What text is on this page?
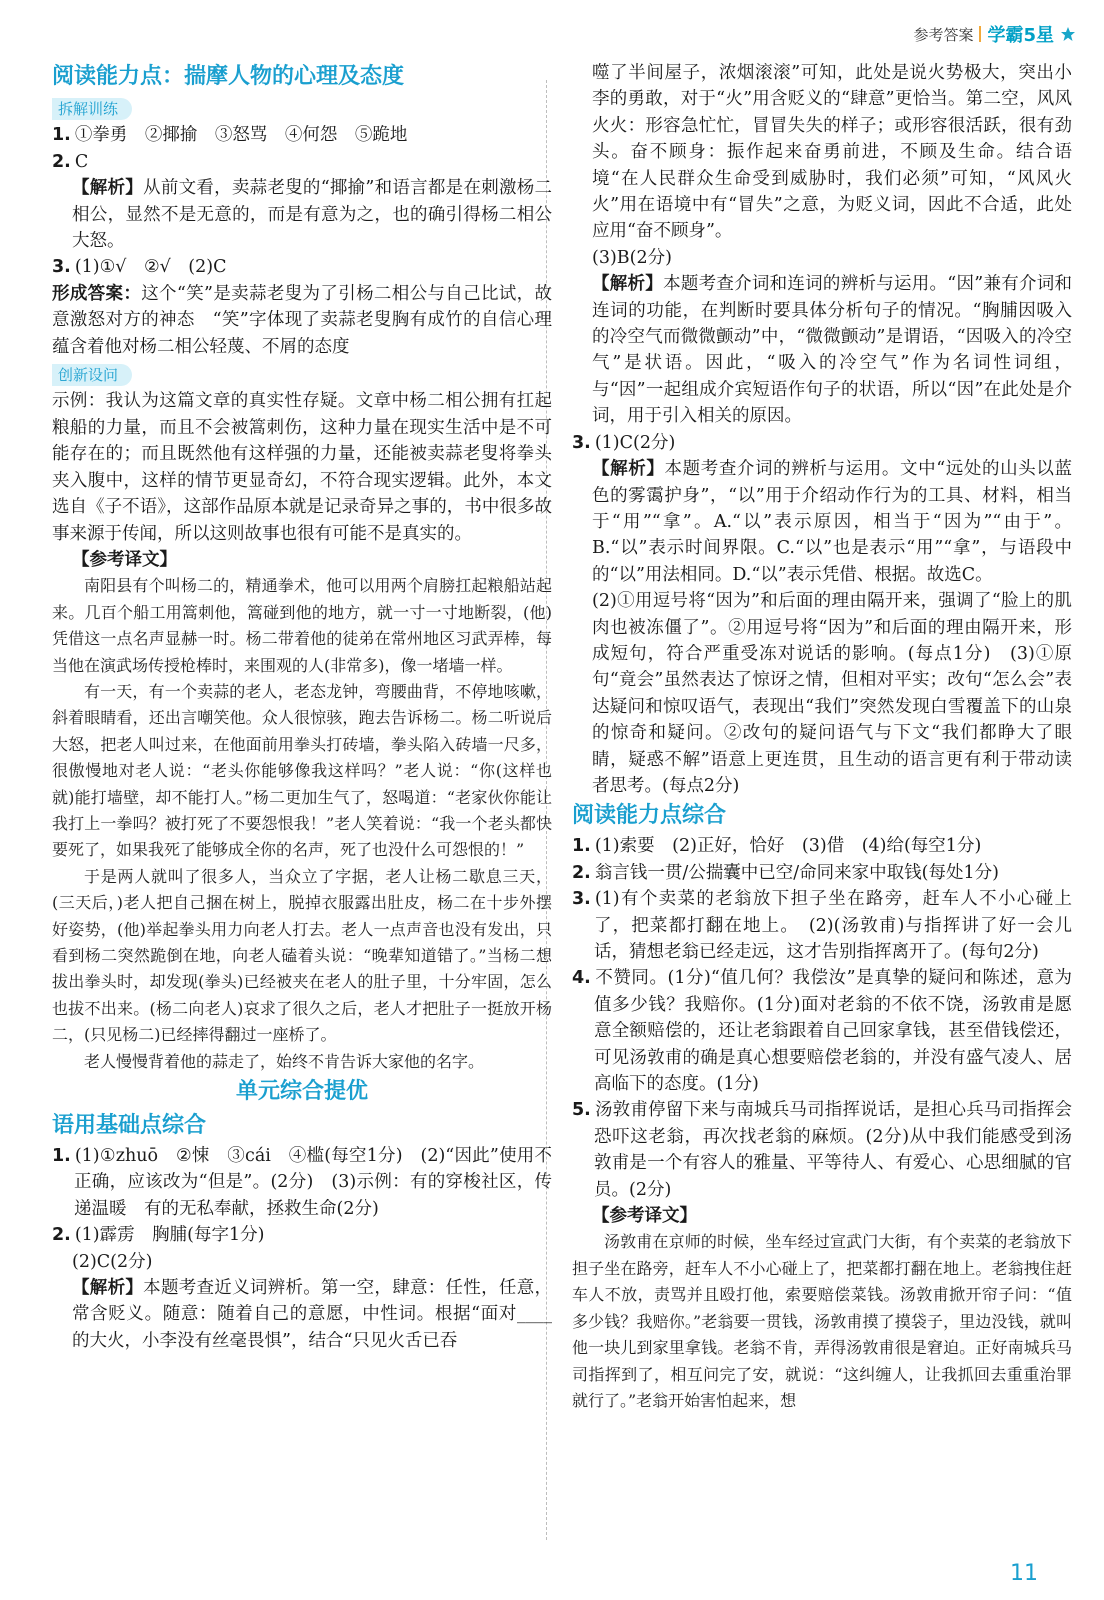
参考答案 学霸5星
阅读能力点：揣摩人物的心理及态度
拆解训练

1. ①拳勇　②揶揄　③怒骂　④何怨　⑤跪地

2. C

【解析】从前文看，卖蒜老叟的“揶揄”和语言都是在刺激杨二相公，显然不是无意的，而是有意为之，也的确引得杨二相公大怒。

3. (1)①√　②√　(2)C

形成答案：这个“笑”是卖蒜老叟为了引杨二相公与自己比试，故意激怒对方的神态　“笑”字体现了卖蒜老叟胸有成竹的自信心理　蕴含着他对杨二相公轻蔑、不屑的态度

创新设问

示例：我认为这篇文章的真实性存疑。文章中杨二相公拥有扛起粮船的力量，而且不会被篙刺伤，这种力量在现实生活中是不可能存在的；而且既然他有这样强的力量，还能被卖蒜老叟将拳头夹入腹中，这样的情节更显奇幻，不符合现实逻辑。此外，本文选自《子不语》，这部作品原本就是记录奇异之事的，书中很多故事来源于传闻，所以这则故事也很有可能不是真实的。

【参考译文】

南阳县有个叫杨二的，精通拳术，他可以用两个肩膀扛起粮船站起来。几百个船工用篙刺他，篙碰到他的地方，就一寸一寸地断裂，(他)凭借这一点名声显赫一时。杨二带着他的徒弟在常州地区习武弄棒，每当他在演武场传授枪棒时，来围观的人(非常多)，像一堵墙一样。

有一天，有一个卖蒜的老人，老态龙钟，弯腰曲背，不停地咳嗽，斜着眼睛看，还出言嘲笑他。众人很惊骇，跑去告诉杨二。杨二听说后大怒，把老人叫过来，在他面前用拳头打砖墙，拳头陷入砖墙一尺多，很傲慢地对老人说：“老头你能够像我这样吗？”老人说：“你(这样也就)能打墙壁，却不能打人。”杨二更加生气了，怒喝道：“老家伙你能让我打上一拳吗？被打死了不要怨恨我！”老人笑着说：“我一个老头都快要死了，如果我死了能够成全你的名声，死了也没什么可怨恨的！”

于是两人就叫了很多人，当众立了字据，老人让杨二歇息三天，(三天后，)老人把自己捆在树上，脱掉衣服露出肚皮，杨二在十步外摆好姿势，(他)举起拳头用力向老人打去。老人一点声音也没有发出，只看到杨二突然跪倒在地，向老人磕着头说：“晚辈知道错了。”当杨二想拔出拳头时，却发现(拳头)已经被夹在老人的肚子里，十分牢固，怎么也拔不出来。(杨二向老人)哀求了很久之后，老人才把肚子一挺放开杨二，(只见杨二)已经摔得翻过一座桥了。

老人慢慢背着他的蒜走了，始终不肯告诉大家他的名字。

单元综合提优
语用基础点综合

1. (1)①zhuō　②悚　③cái　④槛(每空1分)　(2)“因此”使用不正确，应该改为“但是”。(2分)　(3)示例：有的穿梭社区，传递温暖　有的无私奉献，拯救生命(2分)

2. (1)霹雳　胸脯(每字1分)

(2)C(2分)

【解析】本题考查近义词辨析。第一空，肆意：任性，任意，常含贬义。随意：随着自己的意愿，中性词。根据“面对____的大火，小李没有丝毫畏惧”，结合“只见火舌已吞

噬了半间屋子，浓烟滚滚”可知，此处是说火势极大，突出小李的勇敢，对于“火”用含贬义的“肆意”更恰当。第二空，风风火火：形容急忙忙，冒冒失失的样子；或形容很活跃，很有劲头。奋不顾身：振作起来奋勇前进，不顾及生命。结合语境“在人民群众生命受到威胁时，我们必须”可知，“风风火火”用在语境中有“冒失”之意，为贬义词，因此不合适，此处应用“奋不顾身”。

(3)B(2分)

【解析】本题考查介词和连词的辨析与运用。“因”兼有介词和连词的功能，在判断时要具体分析句子的情况。“胸脯因吸入的冷空气而微微颤动”中，“微微颤动”是谓语，“因吸入的冷空气”是状语。因此，“吸入的冷空气”作为名词性词组，与“因”一起组成介宾短语作句子的状语，所以“因”在此处是介词，用于引入相关的原因。

3. (1)C(2分)

【解析】本题考查介词的辨析与运用。文中“远处的山头以蓝色的雾霭护身”，“以”用于介绍动作行为的工具、材料，相当于“用”“拿”。A.“以”表示原因，相当于“因为”“由于”。B.“以”表示时间界限。C.“以”也是表示“用”“拿”，与语段中的“以”用法相同。D.“以”表示凭借、根据。故选C。

(2)①用逗号将“因为”和后面的理由隔开来，强调了“脸上的肌肉也被冻僵了”。②用逗号将“因为”和后面的理由隔开来，形成短句，符合严重受冻对说话的影响。(每点1分)　(3)①原句“竟会”虽然表达了惊讶之情，但相对平实；改句“怎么会”表达疑问和惊叹语气，表现出“我们”突然发现白雪覆盖下的山泉的惊奇和疑问。②改句的疑问语气与下文“我们都睁大了眼睛，疑惑不解”语意上更连贯，且生动的语言更有利于带动读者思考。(每点2分)

阅读能力点综合

1. (1)索要　(2)正好，恰好　(3)借　(4)给(每空1分)

2. 翁言钱一贯/公揣囊中已空/命同来家中取钱(每处1分)

3. (1)有个卖菜的老翁放下担子坐在路旁，赶车人不小心碰上了，把菜都打翻在地上。　(2)(汤敦甫)与指挥讲了好一会儿话，猜想老翁已经走远，这才告别指挥离开了。(每句2分)

4. 不赞同。(1分)“值几何？我偿汝”是真挚的疑问和陈述，意为值多少钱？我赔你。(1分)面对老翁的不依不饶，汤敦甫是愿意全额赔偿的，还让老翁跟着自己回家拿钱，甚至借钱偿还，可见汤敦甫的确是真心想要赔偿老翁的，并没有盛气凌人、居高临下的态度。(1分)

5. 汤敦甫停留下来与南城兵马司指挥说话，是担心兵马司指挥会恐吓这老翁，再次找老翁的麻烦。(2分)从中我们能感受到汤敦甫是一个有容人的雅量、平等待人、有爱心、心思细腻的官员。(2分)

【参考译文】

汤敦甫在京师的时候，坐车经过宣武门大街，有个卖菜的老翁放下担子坐在路旁，赶车人不小心碰上了，把菜都打翻在地上。老翁拽住赶车人不放，责骂并且殴打他，索要赔偿菜钱。汤敦甫掀开帘子问：“值多少钱？我赔你。”老翁要一贯钱，汤敦甫摸了摸袋子，里边没钱，就叫他一块儿到家里拿钱。老翁不肯，弄得汤敦甫很是窘迫。正好南城兵马司指挥到了，相互问完了安，就说：“这纠缠人，让我抓回去重重治罪就行了。”老翁开始害怕起来，想

11
